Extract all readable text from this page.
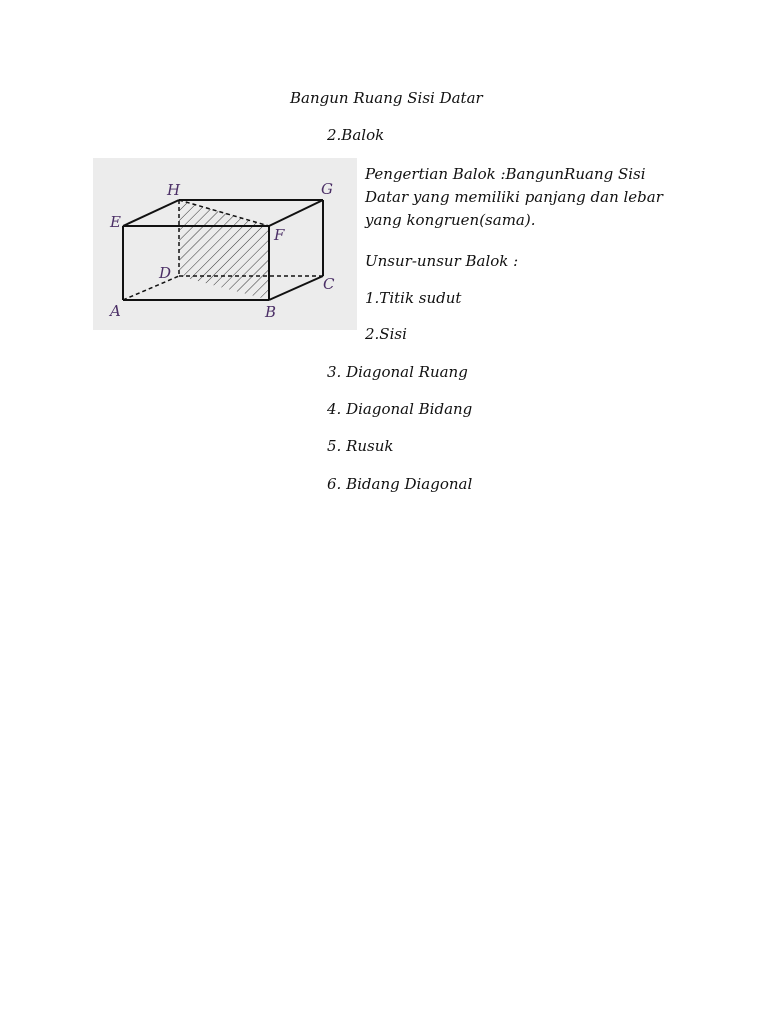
Bangun Ruang Sisi Datar
2.Balok
H	G
E
F
D
C
A	B
Pengertian Balok :BangunRuang Sisi Datar yang memiliki panjang dan lebar yang kongruen(sama).
Unsur-unsur Balok :
1.Titik sudut
2.Sisi
3. Diagonal Ruang
4. Diagonal Bidang
5. Rusuk
6. Bidang Diagonal
